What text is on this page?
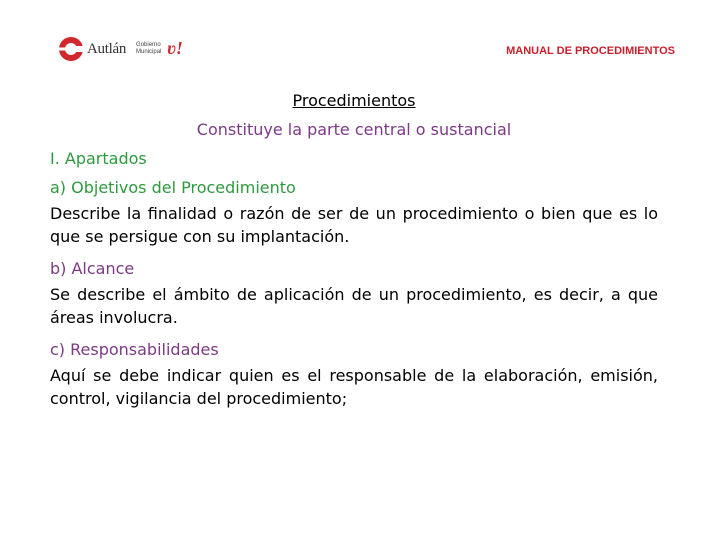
Autlán Gobierno Municipal ʋ!	MANUAL DE PROCEDIMIENTOS
Procedimientos
Constituye la parte central o sustancial
I. Apartados
a) Objetivos del Procedimiento
Describe la finalidad o razón de ser de un procedimiento o bien que es lo que se persigue con su implantación.
b) Alcance
Se describe el ámbito de aplicación de un procedimiento, es decir, a que áreas involucra.
c) Responsabilidades
Aquí se debe indicar quien es el responsable de la elaboración, emisión, control, vigilancia del procedimiento;
